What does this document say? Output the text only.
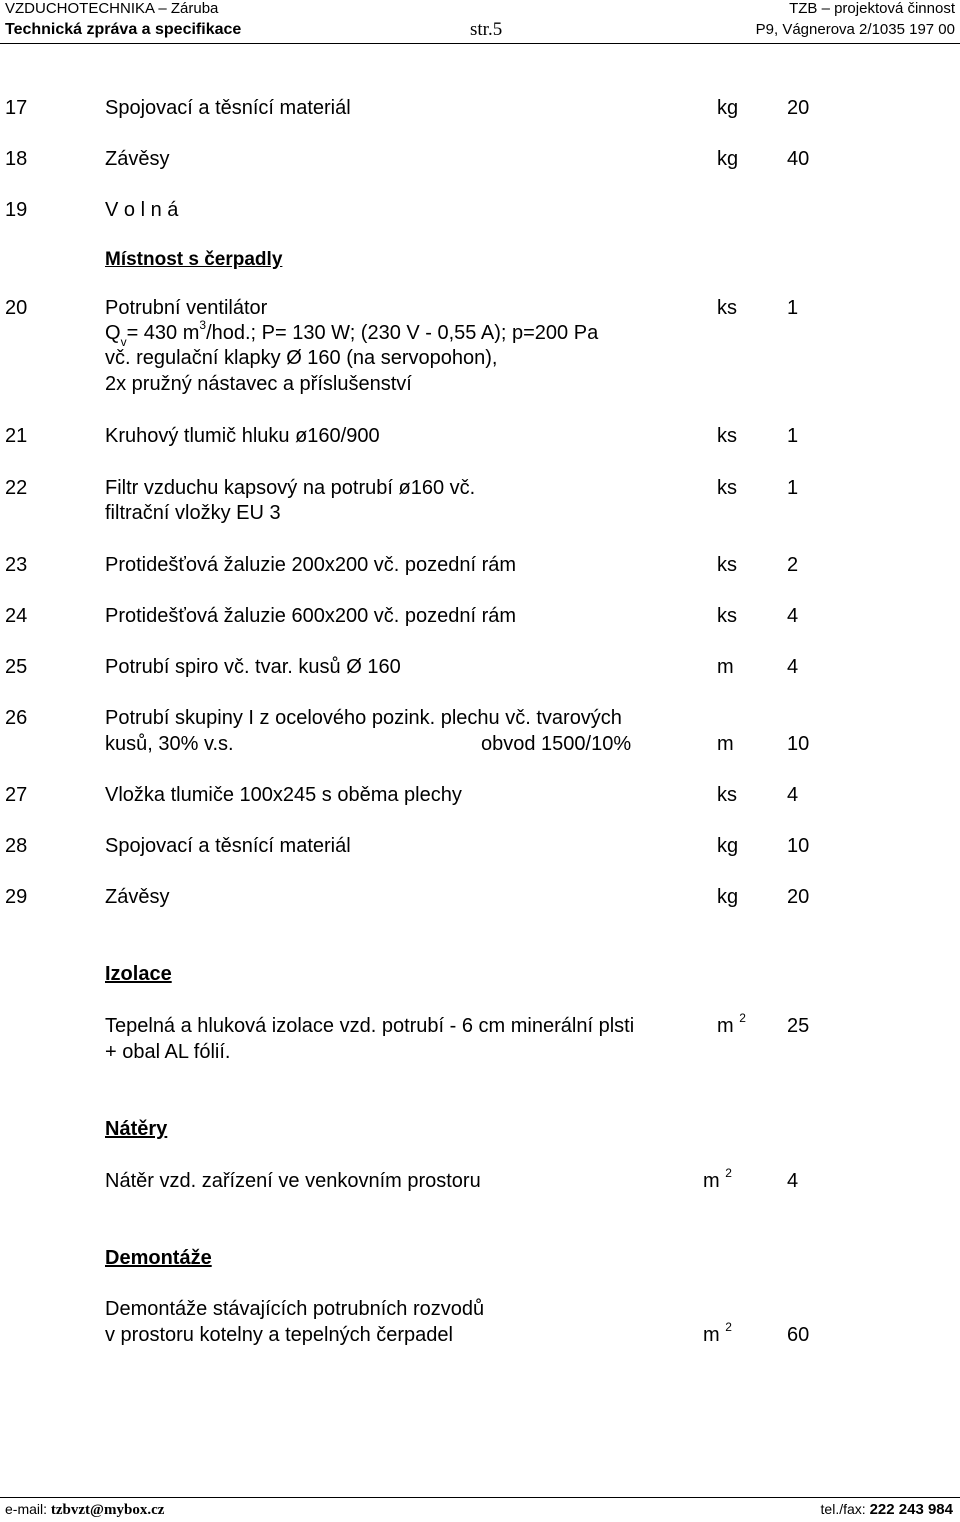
VZDUCHOTECHNIKA – Záruba
Technická zpráva a specifikace	str.5
TZB – projektová činnost
P9, Vágnerova 2/1035 197 00
17	Spojovací a těsnící materiál	kg 20
18	Závěsy	kg 40
19	V o l n á
Místnost s čerpadly
20	Potrubní ventilátor
$Q_v= 430$ $m^3$/hod.; P= 130 W; (230 V - 0,55 A); p=200 Pa
vč. regulační klapky Ø 160 (na servopohon),
2x pružný nástavec a příslušenství
ks	1
21	Kruhový tlumič hluku ø160/900	ks	1
22	Filtr vzduchu kapsový na potrubí ø160 vč.
filtrační vložky EU 3
ks	1
23	Protidešťová žaluzie 200x200 vč. pozední rám	ks	2
24	Protidešťová žaluzie 600x200 vč. pozední rám	ks	4
25	Potrubí spiro vč. tvar. kusů Ø 160	m	4
26	Potrubí skupiny I z ocelového pozink. plechu vč. tvarových
kusů, 30% v.s.	obvod 1500/10%	m	10
27	Vložka tlumiče 100x245 s oběma plechy	ks	4
28	Spojovací a těsnící materiál	kg 10
29	Závěsy	kg 20
Izolace
Tepelná a hluková izolace vzd. potrubí - 6 cm minerální plsti
+ obal AL fólií.
m $^2$ 25
Nátěry
Nátěr vzd. zařízení ve venkovním prostoru	m $^2$	4
Demontáže
Demontáže stávajících potrubních rozvodů
v prostoru kotelny a tepelných čerpadel	m $^2$	60
e-mail: tzbvzt@mybox.cz	tel./fax: 222 243 984
